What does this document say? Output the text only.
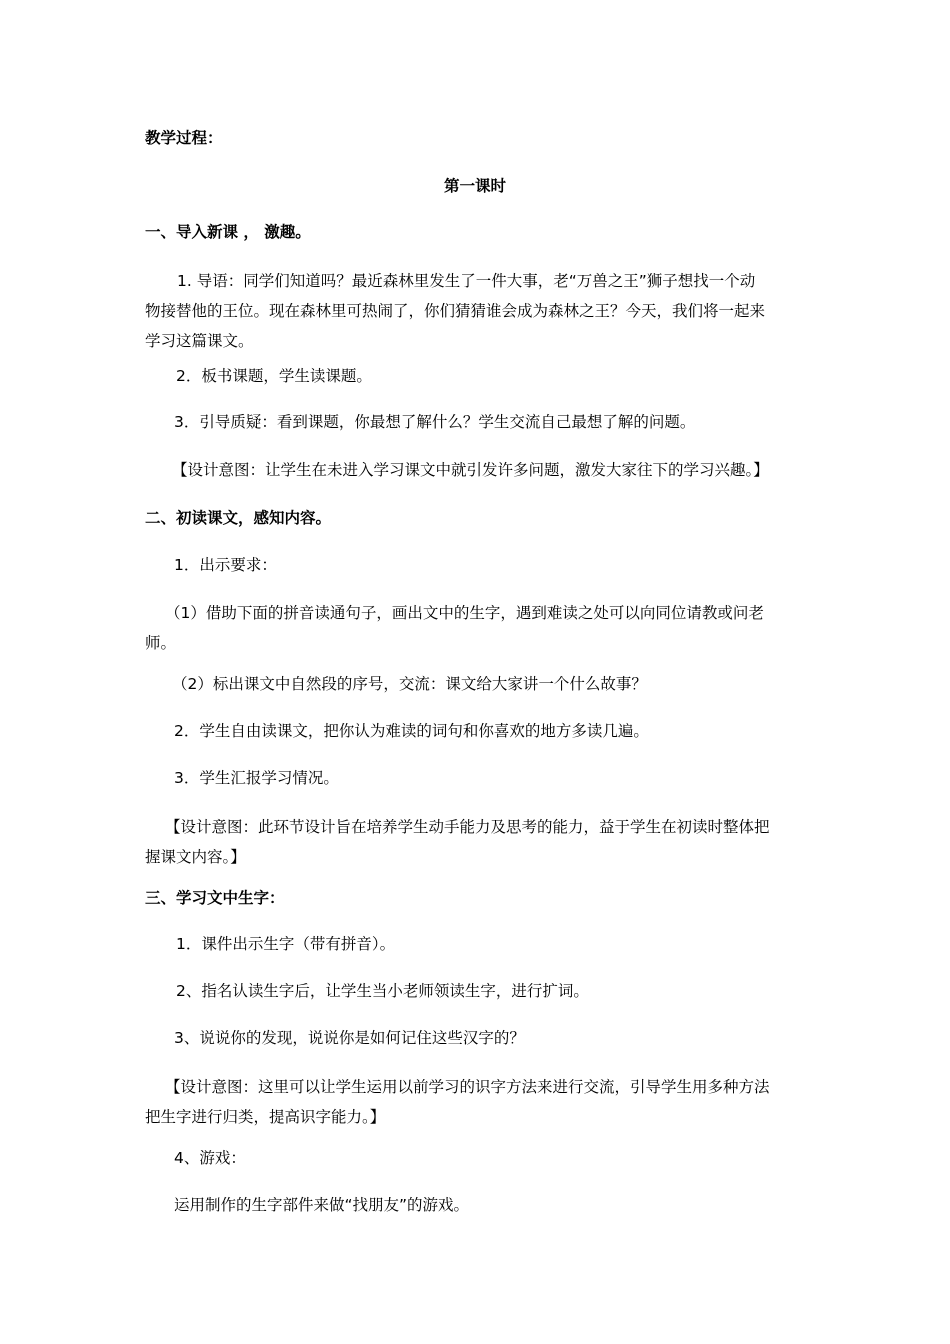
教学过程：
第一课时
一、导入新课 ， 激趣。
1. 导语：同学们知道吗？最近森林里发生了一件大事，老“万兽之王”狮子想找一个动
物接替他的王位。现在森林里可热闹了，你们猜猜谁会成为森林之王？今天，我们将一起来
学习这篇课文。
2．板书课题，学生读课题。
3．引导质疑：看到课题，你最想了解什么？学生交流自己最想了解的问题。
【设计意图：让学生在未进入学习课文中就引发许多问题，激发大家往下的学习兴趣。】
二、初读课文，感知内容。
1．出示要求：
（1）借助下面的拼音读通句子，画出文中的生字，遇到难读之处可以向同位请教或问老
师。
（2）标出课文中自然段的序号，交流：课文给大家讲一个什么故事？
2．学生自由读课文，把你认为难读的词句和你喜欢的地方多读几遍。
3．学生汇报学习情况。
【设计意图：此环节设计旨在培养学生动手能力及思考的能力，益于学生在初读时整体把
握课文内容。】
三、学习文中生字：
1．课件出示生字（带有拼音）。
2、指名认读生字后，让学生当小老师领读生字，进行扩词。
3、说说你的发现，说说你是如何记住这些汉字的？
【设计意图：这里可以让学生运用以前学习的识字方法来进行交流，引导学生用多种方法
把生字进行归类，提高识字能力。】
4、游戏：
运用制作的生字部件来做“找朋友”的游戏。
